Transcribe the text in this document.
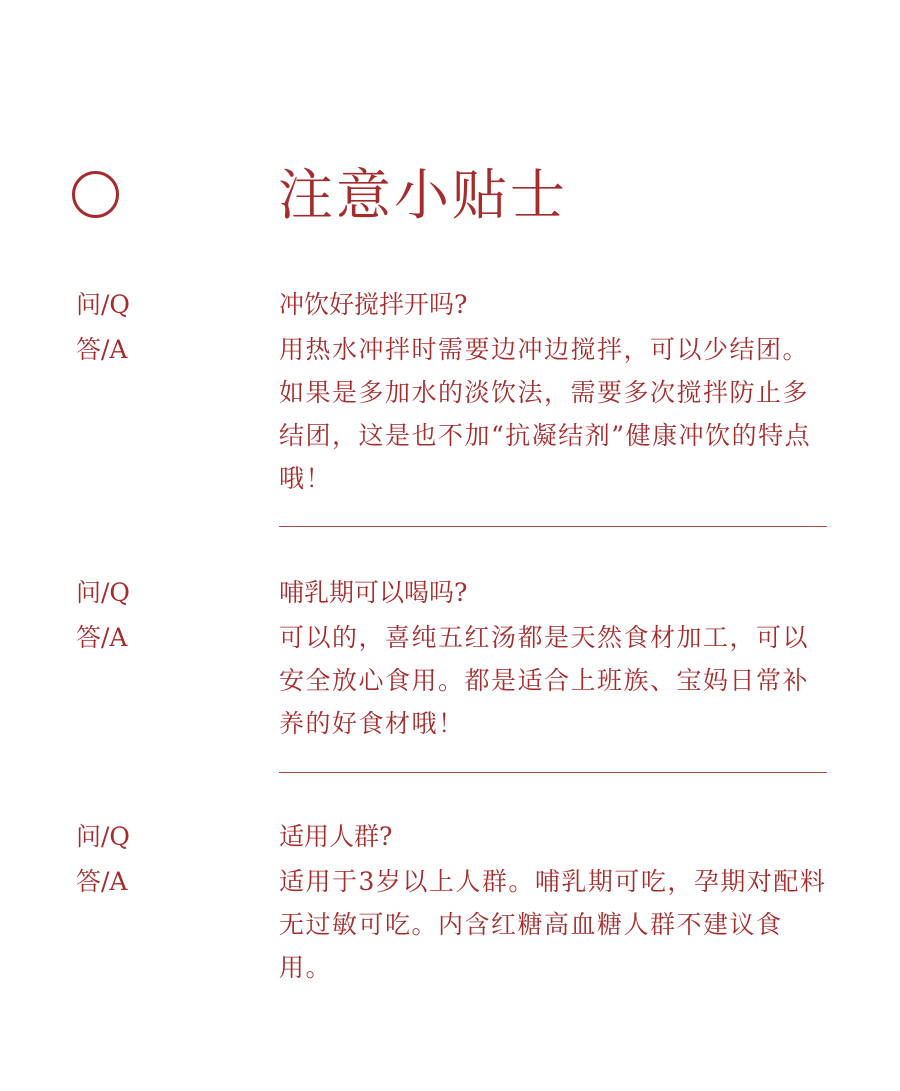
注意小贴士
问/Q
答/A
冲饮好搅拌开吗?
用热水冲拌时需要边冲边搅拌，可以少结团。如果是多加水的淡饮法，需要多次搅拌防止多结团，这是也不加“抗凝结剂”健康冲饮的特点哦！
问/Q
答/A
哺乳期可以喝吗?
可以的，喜纯五红汤都是天然食材加工，可以安全放心食用。都是适合上班族、宝妈日常补养的好食材哦！
问/Q
答/A
适用人群?
适用于3岁以上人群。哺乳期可吃，孕期对配料无过敏可吃。内含红糖高血糖人群不建议食用。
